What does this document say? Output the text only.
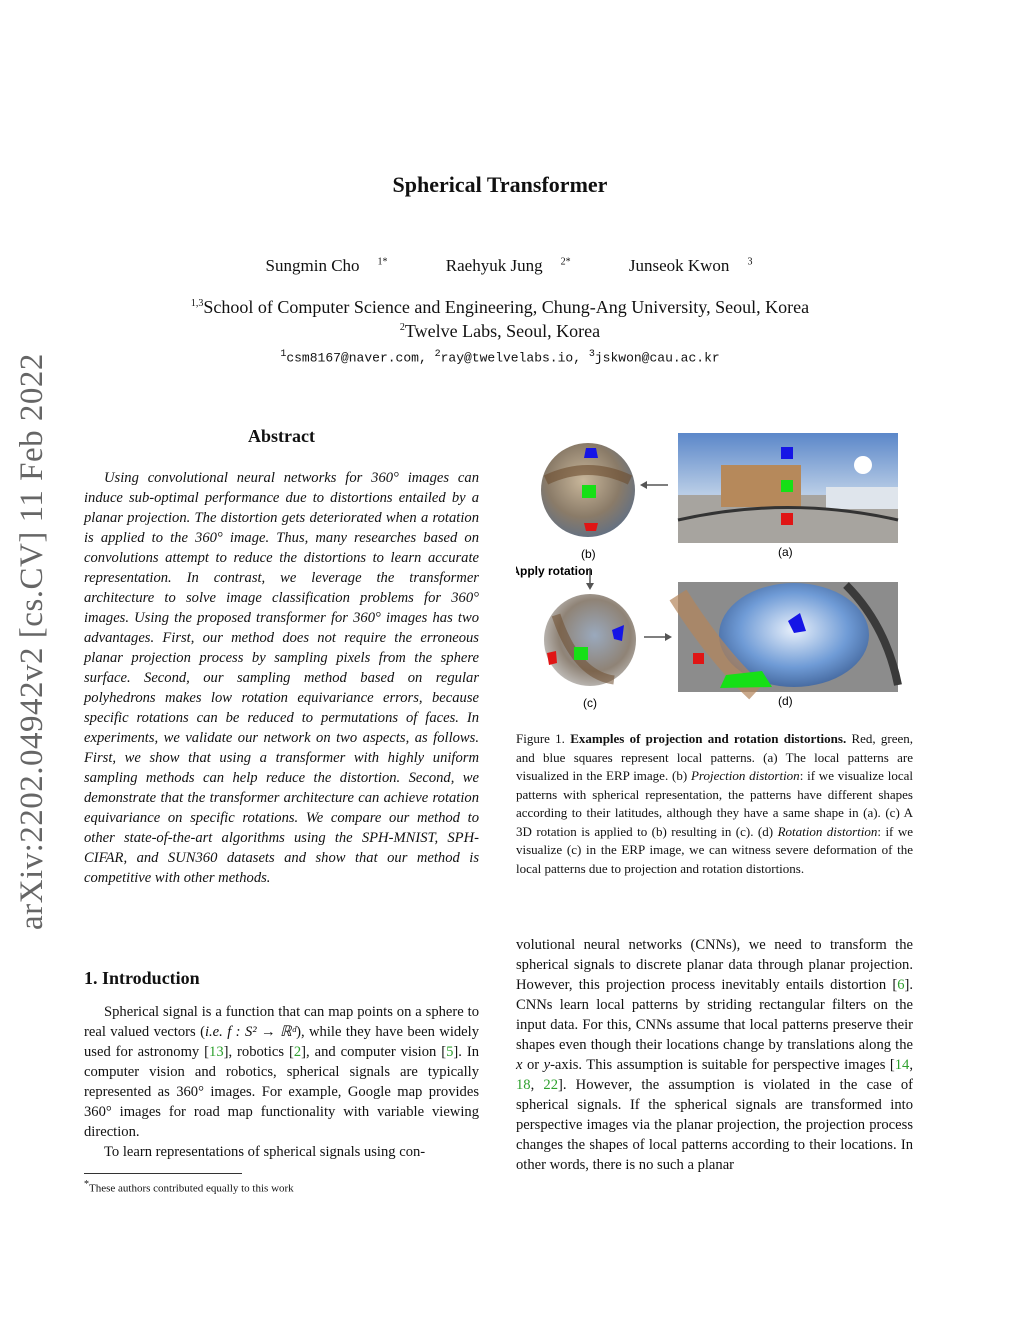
arXiv:2202.04942v2 [cs.CV] 11 Feb 2022
Spherical Transformer
Sungmin Cho $^{1*}$	Raehyuk Jung $^{2*}$	Junseok Kwon $^3$
$^{1,3}$School of Computer Science and Engineering, Chung-Ang University, Seoul, Korea
$^2$Twelve Labs, Seoul, Korea
$^1$csm8167@naver.com, $^2$ray@twelvelabs.io, $^3$jskwon@cau.ac.kr
Abstract
Using convolutional neural networks for 360° images can induce sub-optimal performance due to distortions entailed by a planar projection. The distortion gets deteriorated when a rotation is applied to the 360° image. Thus, many researches based on convolutions attempt to reduce the distortions to learn accurate representation. In contrast, we leverage the transformer architecture to solve image classification problems for 360° images. Using the proposed transformer for 360° images has two advantages. First, our method does not require the erroneous planar projection process by sampling pixels from the sphere surface. Second, our sampling method based on regular polyhedrons makes low rotation equivariance errors, because specific rotations can be reduced to permutations of faces. In experiments, we validate our network on two aspects, as follows. First, we show that using a transformer with highly uniform sampling methods can help reduce the distortion. Second, we demonstrate that the transformer architecture can achieve rotation equivariance on specific rotations. We compare our method to other state-of-the-art algorithms using the SPH-MNIST, SPH-CIFAR, and SUN360 datasets and show that our method is competitive with other methods.
1. Introduction

Spherical signal is a function that can map points on a sphere to real valued vectors (i.e. f : S² → ℝᵈ), while they have been widely used for astronomy [13], robotics [2], and computer vision [5]. In computer vision and robotics, spherical signals are typically represented as 360° images. For example, Google map provides 360° images for road map functionality with variable viewing direction.

To learn representations of spherical signals using con-

*These authors contributed equally to this work
(a)
(b)
Apply rotation
(c)	(d)
Figure 1. Examples of projection and rotation distortions. Red, green, and blue squares represent local patterns. (a) The local patterns are visualized in the ERP image. (b) Projection distortion: if we visualize local patterns with spherical representation, the patterns have different shapes according to their latitudes, although they have a same shape in (a). (c) A 3D rotation is applied to (b) resulting in (c). (d) Rotation distortion: if we visualize (c) in the ERP image, we can witness severe deformation of the local patterns due to projection and rotation distortions.
volutional neural networks (CNNs), we need to transform the spherical signals to discrete planar data through planar projection. However, this projection process inevitably entails distortion [6]. CNNs learn local patterns by striding rectangular filters on the input data. For this, CNNs assume that local patterns preserve their shapes even though their locations change by translations along the x or y-axis. This assumption is suitable for perspective images [14, 18, 22]. However, the assumption is violated in the case of spherical signals. If the spherical signals are transformed into perspective images via the planar projection, the projection process changes the shapes of local patterns according to their locations. In other words, there is no such a planar
